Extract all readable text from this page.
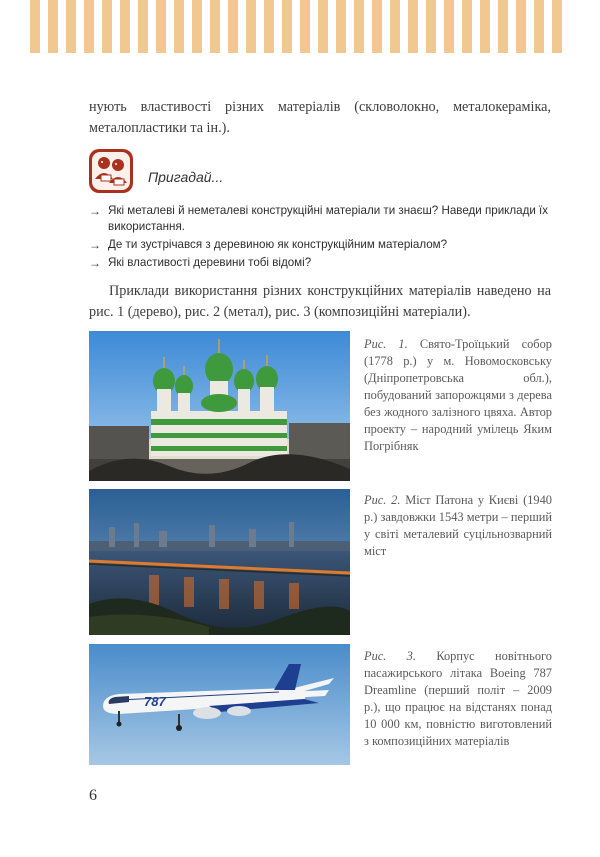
нують властивості різних матеріалів (скловолокно, металокераміка, металопластики та ін.).

Пригадай...
→ Які металеві й неметалеві конструкційні матеріали ти знаєш? Наведи приклади їх використання.
→ Де ти зустрічався з деревиною як конструкційним матеріалом?
→ Які властивості деревини тобі відомі?

Приклади використання різних конструкційних матеріалів наведено на рис. 1 (дерево), рис. 2 (метал), рис. 3 (композиційні матеріали).

Рис. 1. Свято-Троїцький собор (1778 р.) у м. Новомосковську (Дніпропетровська обл.), побудований запорожцями з дерева без жодного залізного цвяха. Автор проекту – народний умілець Яким Погрібняк

Рис. 2. Міст Патона у Києві (1940 р.) завдовжки 1543 метри – перший у світі металевий суцільнозварний міст

787

Рис. 3. Корпус новітнього пасажирського літака Boeing 787 Dreamline (перший політ – 2009 р.), що працює на відстанях понад 10 000 км, повністю виготовлений з композиційних матеріалів

6
